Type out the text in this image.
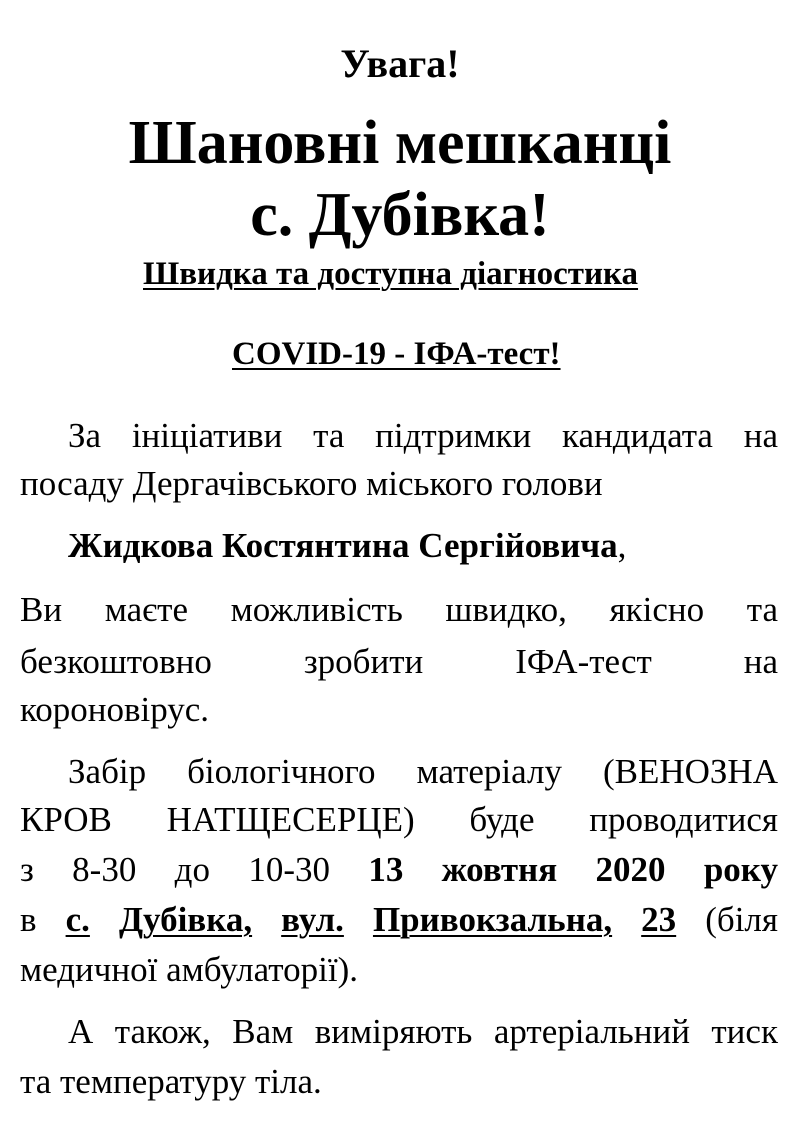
Увага!
Шановні мешканці
с. Дубівка!
Швидка та доступна діагностика
COVID-19 - ІФА-тест!
За ініціативи та підтримки кандидата на
посаду Дергачівського міського голови
Жидкова Костянтина Сергійовича,
Ви маєте можливість швидко, якісно та
безкоштовно	зробити	ІФА-тест	на
короновірус.
Забір біологічного матеріалу (ВЕНОЗНА
КРОВ НАТЩЕСЕРЦЕ) буде проводитися
з 8-30 до 10-30 13 жовтня 2020 року
в с. Дубівка, вул. Привокзальна, 23 (біля
медичної амбулаторії).
А також, Вам виміряють артеріальний тиск
та температуру тіла.
